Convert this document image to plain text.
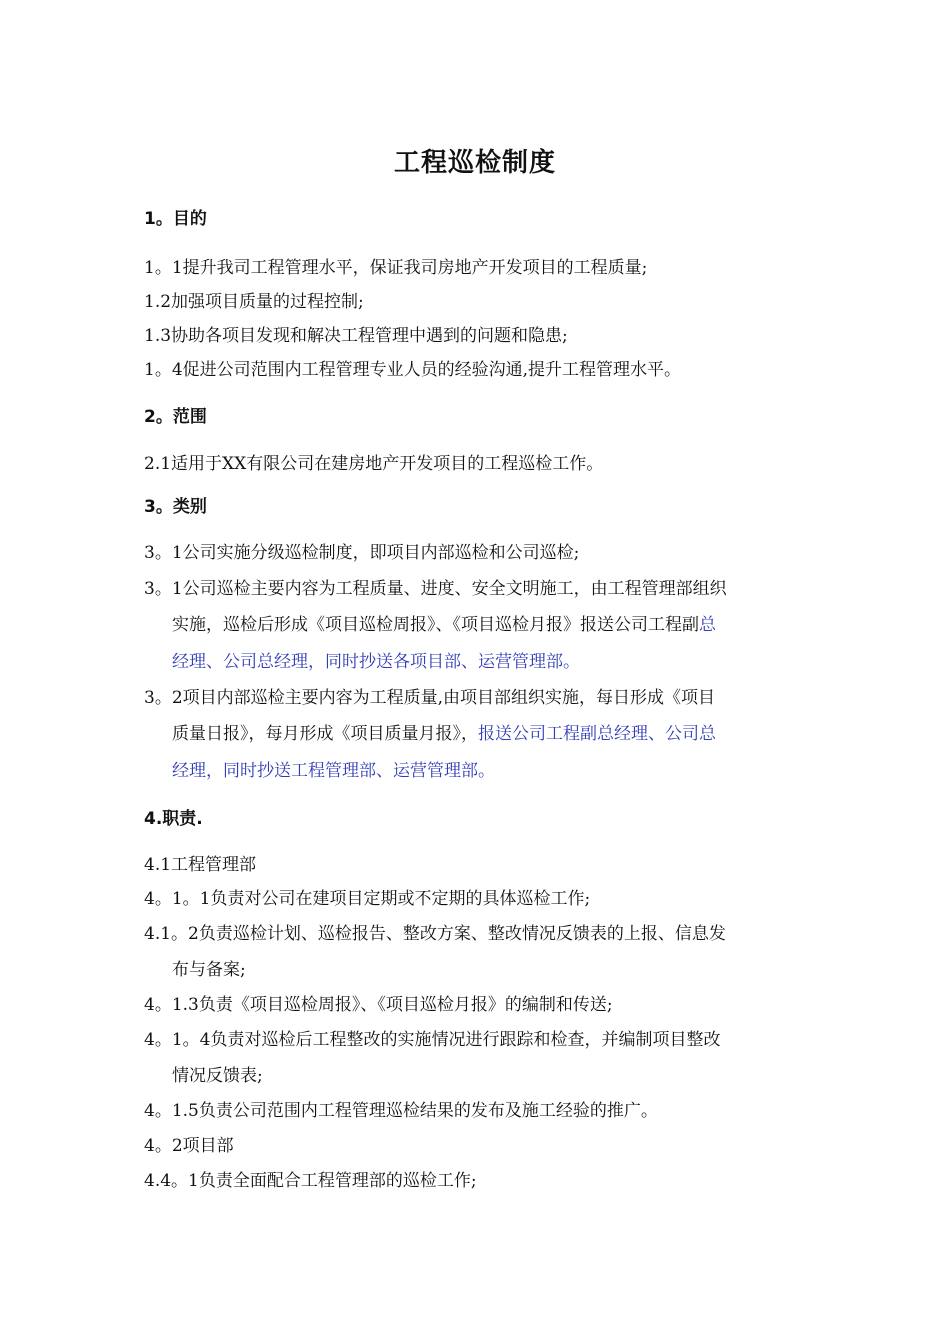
工程巡检制度
1。目的
1。1提升我司工程管理水平，保证我司房地产开发项目的工程质量;
1.2加强项目质量的过程控制;
1.3协助各项目发现和解决工程管理中遇到的问题和隐患;
1。4促进公司范围内工程管理专业人员的经验沟通,提升工程管理水平。
2。范围
2.1适用于XX有限公司在建房地产开发项目的工程巡检工作。
3。类别
3。1公司实施分级巡检制度，即项目内部巡检和公司巡检;
3。1公司巡检主要内容为工程质量、进度、安全文明施工，由工程管理部组织
实施，巡检后形成《项目巡检周报》、《项目巡检月报》报送公司工程副总
经理、公司总经理，同时抄送各项目部、运营管理部。
3。2项目内部巡检主要内容为工程质量,由项目部组织实施，每日形成《项目
质量日报》，每月形成《项目质量月报》，报送公司工程副总经理、公司总
经理，同时抄送工程管理部、运营管理部。
4.职责.
4.1工程管理部
4。1。1负责对公司在建项目定期或不定期的具体巡检工作;
4.1。2负责巡检计划、巡检报告、整改方案、整改情况反馈表的上报、信息发
布与备案;
4。1.3负责《项目巡检周报》、《项目巡检月报》的编制和传送;
4。1。4负责对巡检后工程整改的实施情况进行跟踪和检查，并编制项目整改
情况反馈表;
4。1.5负责公司范围内工程管理巡检结果的发布及施工经验的推广。
4。2项目部
4.4。1负责全面配合工程管理部的巡检工作;
